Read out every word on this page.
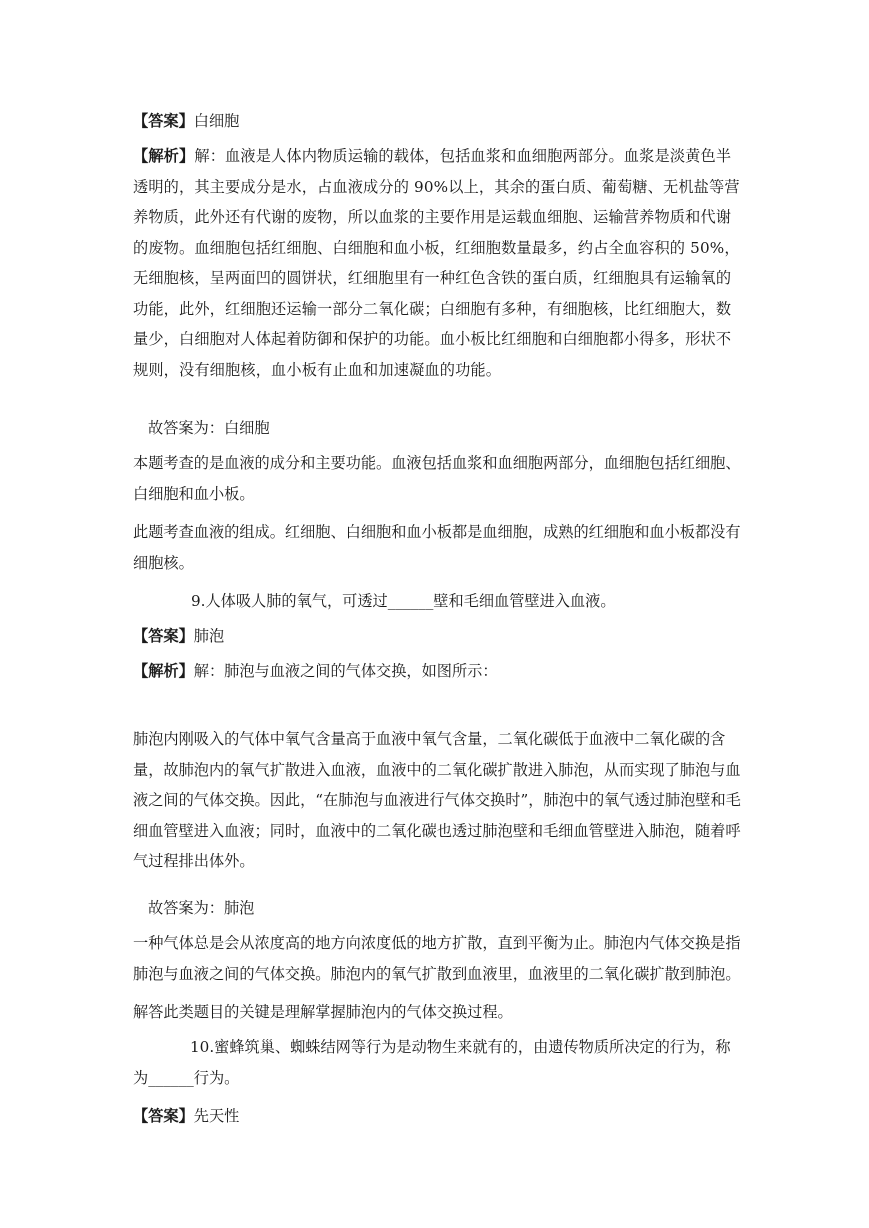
【答案】白细胞

【解析】解：血液是人体内物质运输的载体，包括血浆和血细胞两部分。血浆是淡黄色半透明的，其主要成分是水，占血液成分的 90%以上，其余的蛋白质、葡萄糖、无机盐等营养物质，此外还有代谢的废物，所以血浆的主要作用是运载血细胞、运输营养物质和代谢的废物。血细胞包括红细胞、白细胞和血小板，红细胞数量最多，约占全血容积的 50%，无细胞核，呈两面凹的圆饼状，红细胞里有一种红色含铁的蛋白质，红细胞具有运输氧的功能，此外，红细胞还运输一部分二氧化碳；白细胞有多种，有细胞核，比红细胞大，数量少，白细胞对人体起着防御和保护的功能。血小板比红细胞和白细胞都小得多，形状不规则，没有细胞核，血小板有止血和加速凝血的功能。

故答案为：白细胞

本题考查的是血液的成分和主要功能。血液包括血浆和血细胞两部分，血细胞包括红细胞、白细胞和血小板。

此题考查血液的组成。红细胞、白细胞和血小板都是血细胞，成熟的红细胞和血小板都没有细胞核。

9.人体吸人肺的氧气，可透过______壁和毛细血管壁进入血液。

【答案】肺泡

【解析】解：肺泡与血液之间的气体交换，如图所示：

肺泡内刚吸入的气体中氧气含量高于血液中氧气含量，二氧化碳低于血液中二氧化碳的含量，故肺泡内的氧气扩散进入血液，血液中的二氧化碳扩散进入肺泡，从而实现了肺泡与血液之间的气体交换。因此，“在肺泡与血液进行气体交换时”，肺泡中的氧气透过肺泡壁和毛细血管壁进入血液；同时，血液中的二氧化碳也透过肺泡壁和毛细血管壁进入肺泡，随着呼气过程排出体外。

故答案为：肺泡

一种气体总是会从浓度高的地方向浓度低的地方扩散，直到平衡为止。肺泡内气体交换是指肺泡与血液之间的气体交换。肺泡内的氧气扩散到血液里，血液里的二氧化碳扩散到肺泡。

解答此类题目的关键是理解掌握肺泡内的气体交换过程。

10.蜜蜂筑巢、蜘蛛结网等行为是动物生来就有的，由遗传物质所决定的行为，称为______行为。

【答案】先天性
